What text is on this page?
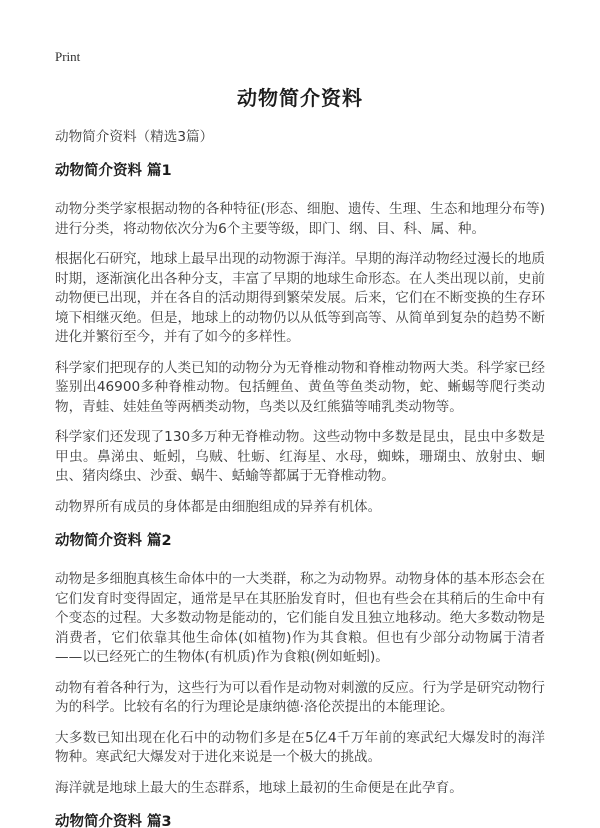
Print
动物简介资料
动物简介资料（精选3篇）
动物简介资料 篇1

动物分类学家根据动物的各种特征(形态、细胞、遗传、生理、生态和地理分布等)进行分类，将动物依次分为6个主要等级，即门、纲、目、科、属、种。

根据化石研究，地球上最早出现的动物源于海洋。早期的海洋动物经过漫长的地质时期，逐渐演化出各种分支，丰富了早期的地球生命形态。在人类出现以前，史前动物便已出现，并在各自的活动期得到繁荣发展。后来，它们在不断变换的生存环境下相继灭绝。但是，地球上的动物仍以从低等到高等、从简单到复杂的趋势不断进化并繁衍至今，并有了如今的多样性。

科学家们把现存的人类已知的动物分为无脊椎动物和脊椎动物两大类。科学家已经鉴别出46900多种脊椎动物。包括鲤鱼、黄鱼等鱼类动物，蛇、蜥蜴等爬行类动物，青蛙、娃娃鱼等两栖类动物，鸟类以及红熊猫等哺乳类动物等。

科学家们还发现了130多万种无脊椎动物。这些动物中多数是昆虫，昆虫中多数是甲虫。鼻涕虫、蚯蚓，乌贼、牡蛎、红海星、水母，蜘蛛，珊瑚虫、放射虫、蛔虫、猪肉绦虫、沙蚕、蜗牛、蛞蝓等都属于无脊椎动物。

动物界所有成员的身体都是由细胞组成的异养有机体。

动物简介资料 篇2

动物是多细胞真核生命体中的一大类群，称之为动物界。动物身体的基本形态会在它们发育时变得固定，通常是早在其胚胎发育时，但也有些会在其稍后的生命中有个变态的过程。大多数动物是能动的，它们能自发且独立地移动。绝大多数动物是消费者，它们依靠其他生命体(如植物)作为其食粮。但也有少部分动物属于清者——以已经死亡的生物体(有机质)作为食粮(例如蚯蚓)。

动物有着各种行为，这些行为可以看作是动物对刺激的反应。行为学是研究动物行为的科学。比较有名的行为理论是康纳德·洛伦茨提出的本能理论。

大多数已知出现在化石中的动物们多是在5亿4千万年前的寒武纪大爆发时的海洋物种。寒武纪大爆发对于进化来说是一个极大的挑战。

海洋就是地球上最大的生态群系，地球上最初的生命便是在此孕育。

动物简介资料 篇3
